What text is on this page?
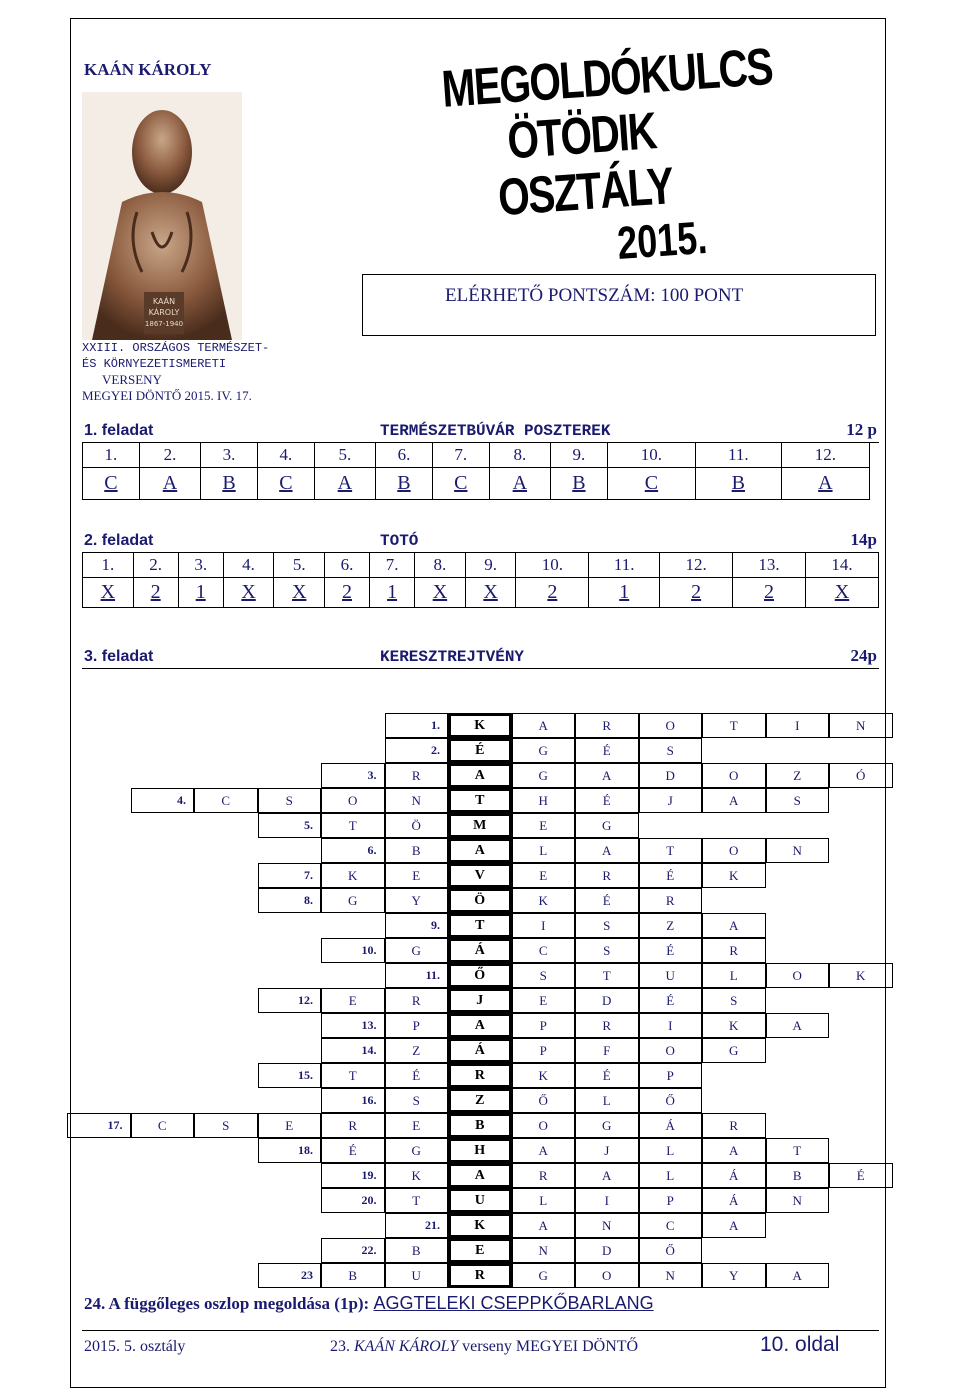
KAÁN KÁROLY
KAÁN
KÁROLY
1867-1940
XXIII. ORSZÁGOS TERMÉSZET-
ÉS KÖRNYEZETISMERETI
VERSENY
MEGYEI DÖNTŐ 2015. IV. 17.
MEGOLDÓKULCS
ÖTÖDIK OSZTÁLY
2015.
ELÉRHETŐ PONTSZÁM: 100 PONT
1. feladat	TERMÉSZETBÚVÁR POSZTEREK	12 p
1.	2.	3.	4.	5.	6.	7.	8.	9.	10.	11.	12.
C	A	B	C	A	B	C	A	B	C	B	A
2. feladat	TOTÓ	14p
1.	2.	3.	4.	5.	6.	7.	8.	9.	10.	11.	12.	13.	14.
X	2	1	X	X	2	1	X	X	2	1	2	2	X
3. feladat	KERESZTREJTVÉNY	24p
1.	K	A	R	O	T	I	N
2.	É	G	É	S
3.	R	A	G	A	D	O	Z	Ó
4.	C	S	O	N	T	H	É	J	A	S
5.	T	Ö	M	E	G
6.	B	A	L	A	T	O	N
7.	K	E	V	E	R	É	K
8.	G	Y	Ö	K	É	R
9.	T	I	S	Z	A
10.	G	Á	C	S	É	R
11.	Ő	S	T	U	L	O	K
12.	E	R	J	E	D	É	S
13.	P	A	P	R	I	K	A
14.	Z	Á	P	F	O	G
15.	T	É	R	K	É	P
16.	S	Z	Ő	L	Ő
17.	C	S	E	R	E	B	O	G	Á	R
18.	É	G	H	A	J	L	A	T
19.	K	A	R	A	L	Á	B	É
20.	T	U	L	I	P	Á	N
21.	K	A	N	C	A
22.	B	E	N	D	Ő
23	B	U	R	G	O	N	Y	A
24. A függőleges oszlop megoldása (1p): AGGTELEKI CSEPPKŐBARLANG
2015. 5. osztály	23. KAÁN KÁROLY verseny MEGYEI DÖNTŐ	10. oldal
